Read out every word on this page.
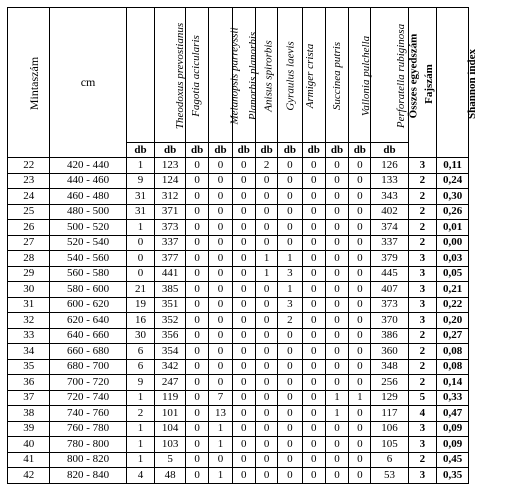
Mintaszám	cm	Theodoxus prevostianus	Fagotia acicularis	Melanopsis parreyssii	Planorbis planorbis	Anisus spirorbis	Gyraulus laevis	Armiger crista	Succinea putris	Vallonia pulchella	Perforatella rubiginosa	Összes egyedszám	Fajszám	Shannon index
		db	db	db	db	db	db	db	db	db	db	db		
22	420 - 440	1	123	0	0	0	2	0	0	0	0	126	3	0,11
23	440 - 460	9	124	0	0	0	0	0	0	0	0	133	2	0,24
24	460 - 480	31	312	0	0	0	0	0	0	0	0	343	2	0,30
25	480 - 500	31	371	0	0	0	0	0	0	0	0	402	2	0,26
26	500 - 520	1	373	0	0	0	0	0	0	0	0	374	2	0,01
27	520 - 540	0	337	0	0	0	0	0	0	0	0	337	2	0,00
28	540 - 560	0	377	0	0	0	1	1	0	0	0	379	3	0,03
29	560 - 580	0	441	0	0	0	1	3	0	0	0	445	3	0,05
30	580 - 600	21	385	0	0	0	0	1	0	0	0	407	3	0,21
31	600 - 620	19	351	0	0	0	0	3	0	0	0	373	3	0,22
32	620 - 640	16	352	0	0	0	0	2	0	0	0	370	3	0,20
33	640 - 660	30	356	0	0	0	0	0	0	0	0	386	2	0,27
34	660 - 680	6	354	0	0	0	0	0	0	0	0	360	2	0,08
35	680 - 700	6	342	0	0	0	0	0	0	0	0	348	2	0,08
36	700 - 720	9	247	0	0	0	0	0	0	0	0	256	2	0,14
37	720 - 740	1	119	0	7	0	0	0	0	1	1	129	5	0,33
38	740 - 760	2	101	0	13	0	0	0	0	1	0	117	4	0,47
39	760 - 780	1	104	0	1	0	0	0	0	0	0	106	3	0,09
40	780 - 800	1	103	0	1	0	0	0	0	0	0	105	3	0,09
41	800 - 820	1	5	0	0	0	0	0	0	0	0	6	2	0,45
42	820 - 840	4	48	0	1	0	0	0	0	0	0	53	3	0,35
